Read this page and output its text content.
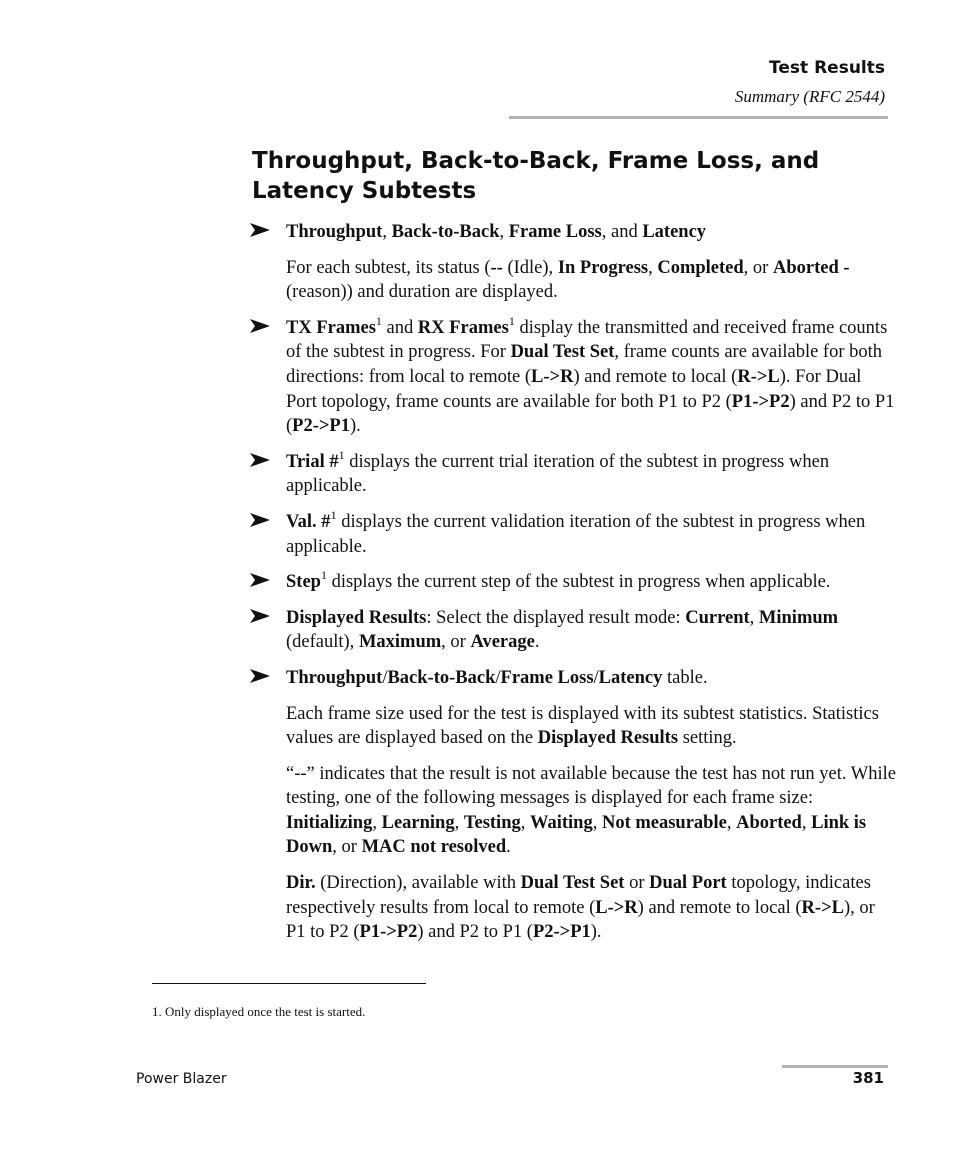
Test Results
Summary (RFC 2544)
Throughput, Back-to-Back, Frame Loss, and Latency Subtests

Throughput, Back-to-Back, Frame Loss, and Latency

For each subtest, its status (-- (Idle), In Progress, Completed, or Aborted - (reason)) and duration are displayed.

TX Frames$^1$ and RX Frames$^1$ display the transmitted and received frame counts of the subtest in progress. For Dual Test Set, frame counts are available for both directions: from local to remote (L->R) and remote to local (R->L). For Dual Port topology, frame counts are available for both P1 to P2 (P1->P2) and P2 to P1 (P2->P1).

Trial #$^1$ displays the current trial iteration of the subtest in progress when applicable.

Val. #$^1$ displays the current validation iteration of the subtest in progress when applicable.

Step$^1$ displays the current step of the subtest in progress when applicable.

Displayed Results: Select the displayed result mode: Current, Minimum (default), Maximum, or Average.

Throughput/Back-to-Back/Frame Loss/Latency table.

Each frame size used for the test is displayed with its subtest statistics. Statistics values are displayed based on the Displayed Results setting.

“--” indicates that the result is not available because the test has not run yet. While testing, one of the following messages is displayed for each frame size: Initializing, Learning, Testing, Waiting, Not measurable, Aborted, Link is Down, or MAC not resolved.

Dir. (Direction), available with Dual Test Set or Dual Port topology, indicates respectively results from local to remote (L->R) and remote to local (R->L), or P1 to P2 (P1->P2) and P2 to P1 (P2->P1).

1. Only displayed once the test is started.
Power Blazer	381
